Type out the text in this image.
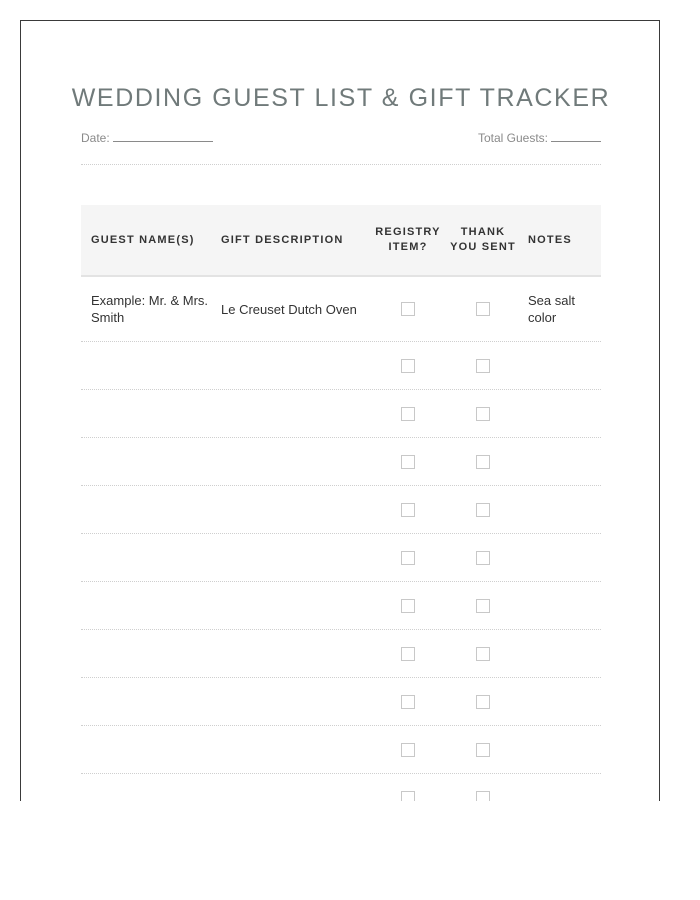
WEDDING GUEST LIST & GIFT TRACKER
Date:	Total Guests:
GUEST NAME(S)	GIFT DESCRIPTION
REGISTRY ITEM?
THANK YOU SENT
NOTES
Example: Mr. & Mrs. Smith
Le Creuset Dutch Oven
Sea salt color
